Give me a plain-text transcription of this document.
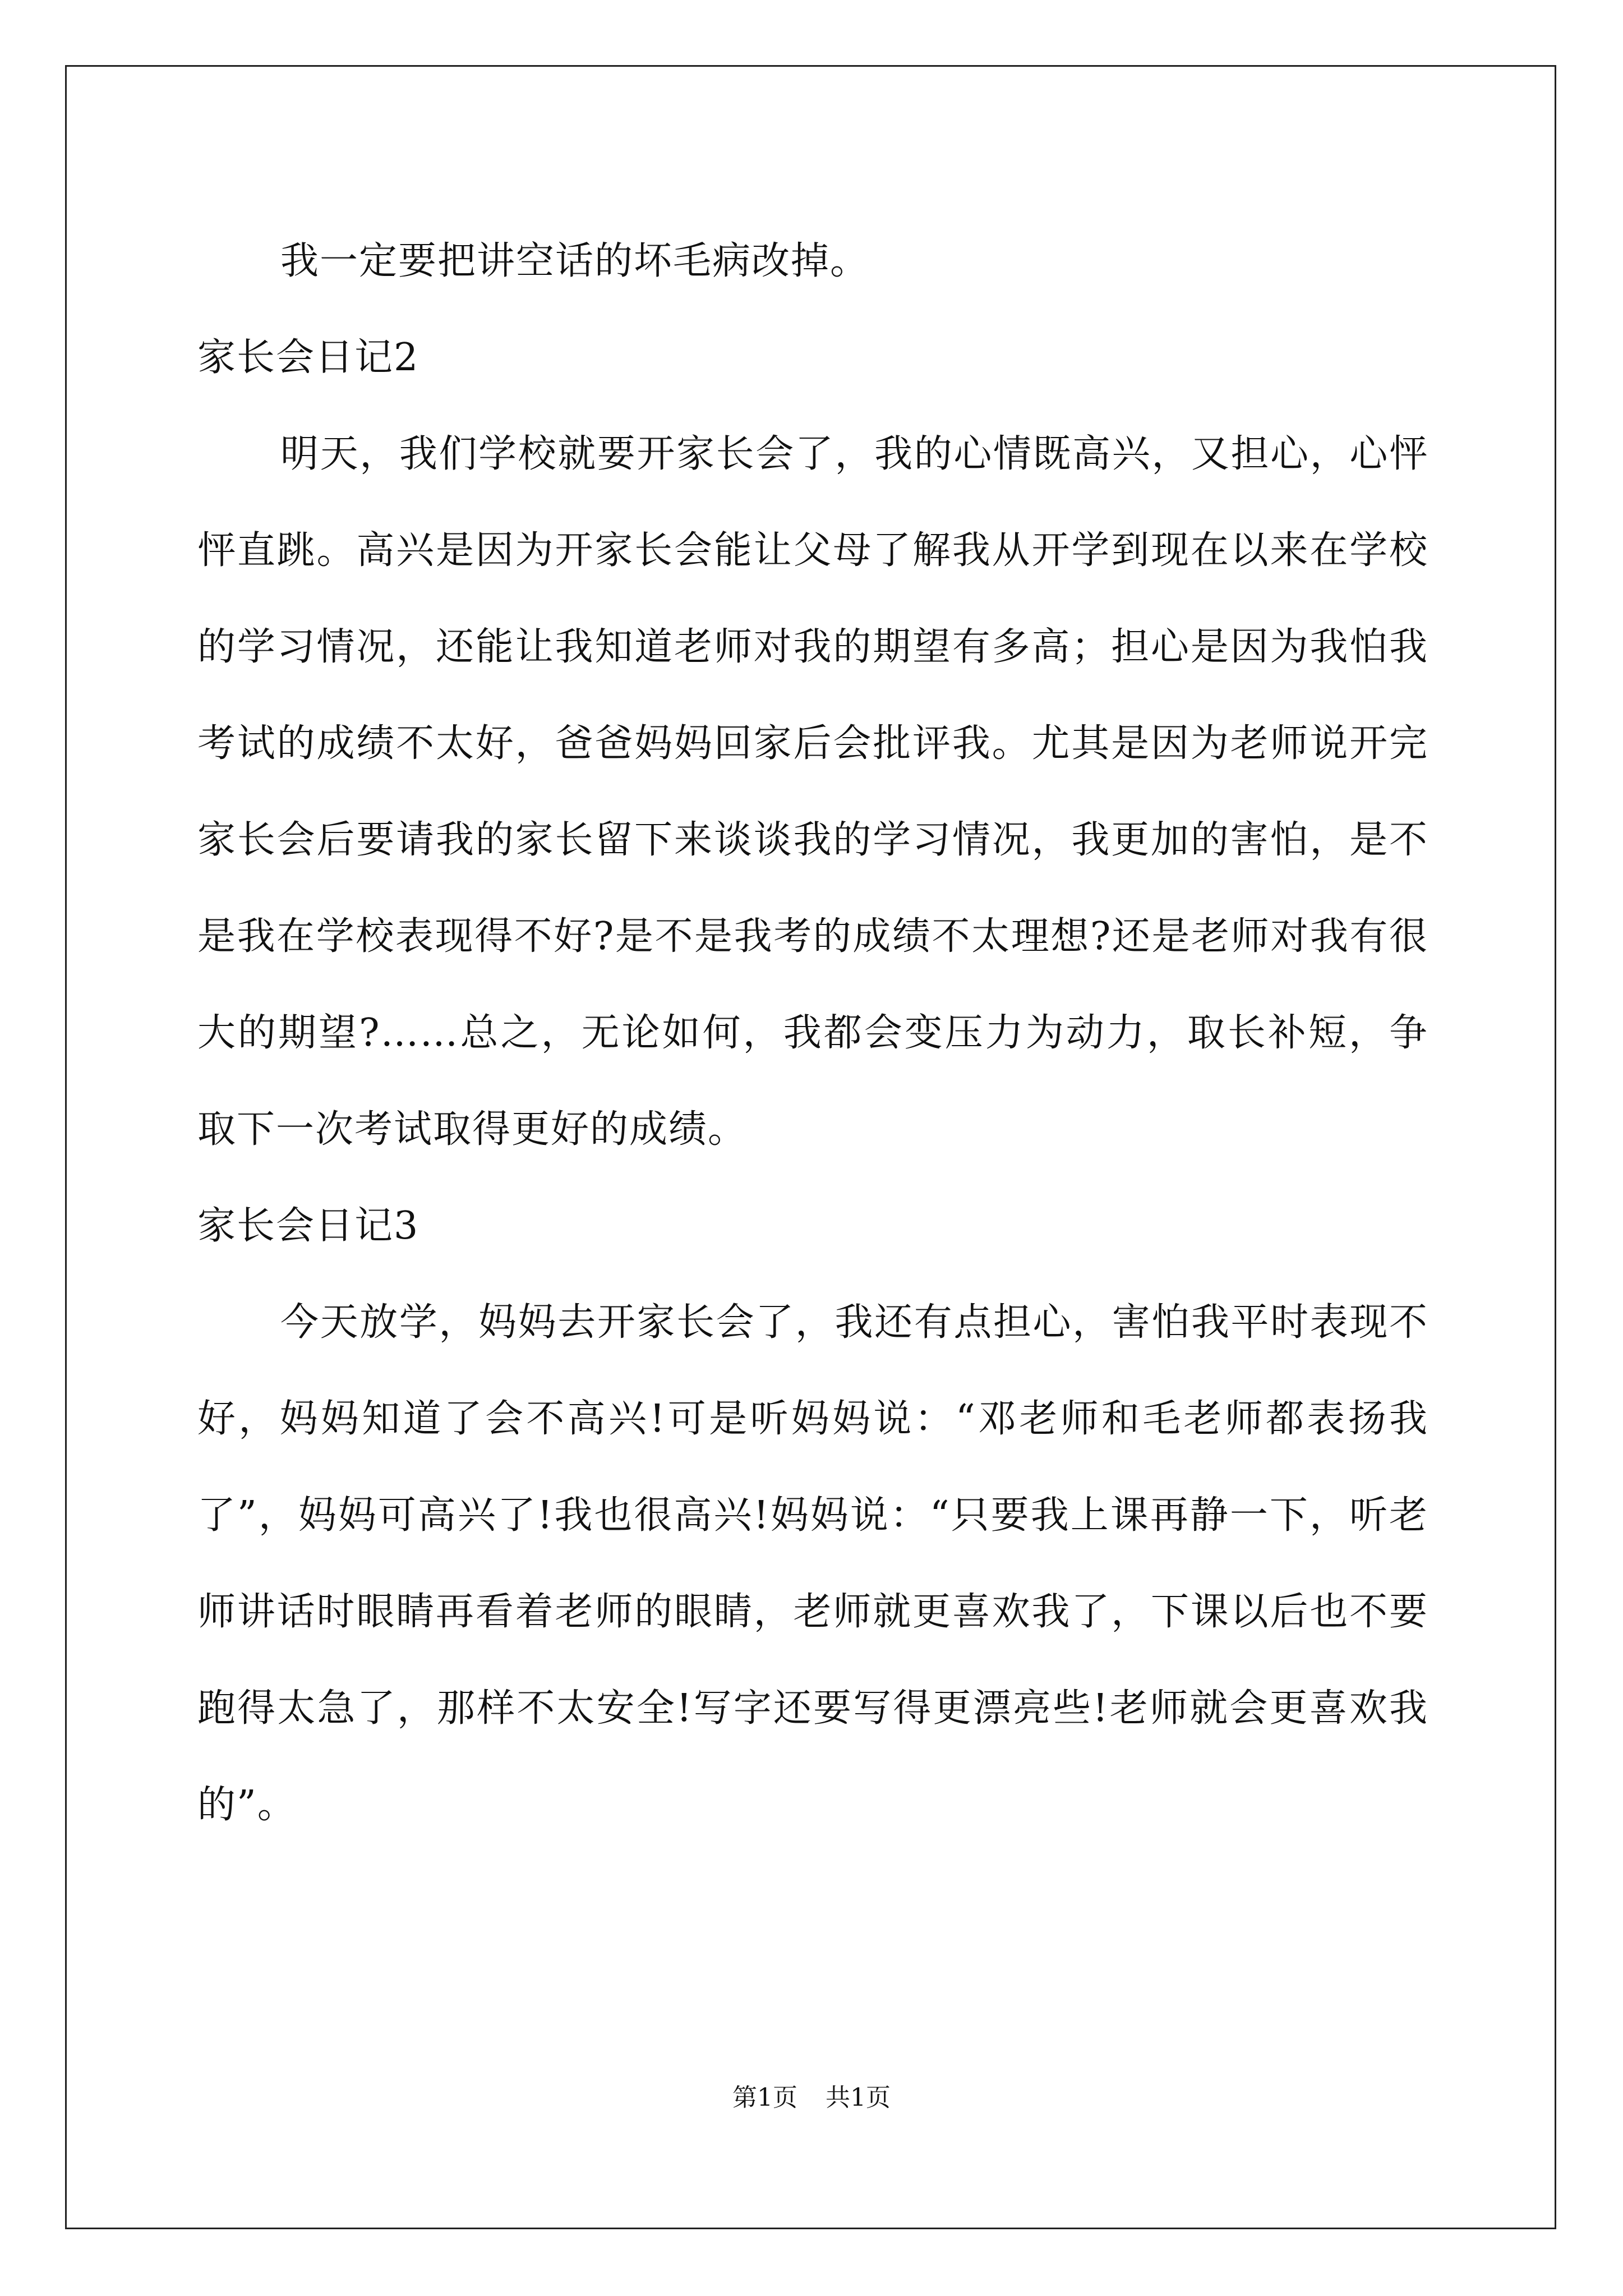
我一定要把讲空话的坏毛病改掉。

家长会日记2

明天，我们学校就要开家长会了，我的心情既高兴，又担心，心怦怦直跳。高兴是因为开家长会能让父母了解我从开学到现在以来在学校的学习情况，还能让我知道老师对我的期望有多高；担心是因为我怕我考试的成绩不太好，爸爸妈妈回家后会批评我。尤其是因为老师说开完家长会后要请我的家长留下来谈谈我的学习情况，我更加的害怕，是不是我在学校表现得不好?是不是我考的成绩不太理想?还是老师对我有很大的期望?……总之，无论如何，我都会变压力为动力，取长补短，争取下一次考试取得更好的成绩。

家长会日记3

今天放学，妈妈去开家长会了，我还有点担心，害怕我平时表现不好，妈妈知道了会不高兴!可是听妈妈说：“邓老师和毛老师都表扬我了”，妈妈可高兴了!我也很高兴!妈妈说：“只要我上课再静一下，听老师讲话时眼睛再看着老师的眼睛，老师就更喜欢我了，下课以后也不要跑得太急了，那样不太安全!写字还要写得更漂亮些!老师就会更喜欢我的”。

第1页 共1页
